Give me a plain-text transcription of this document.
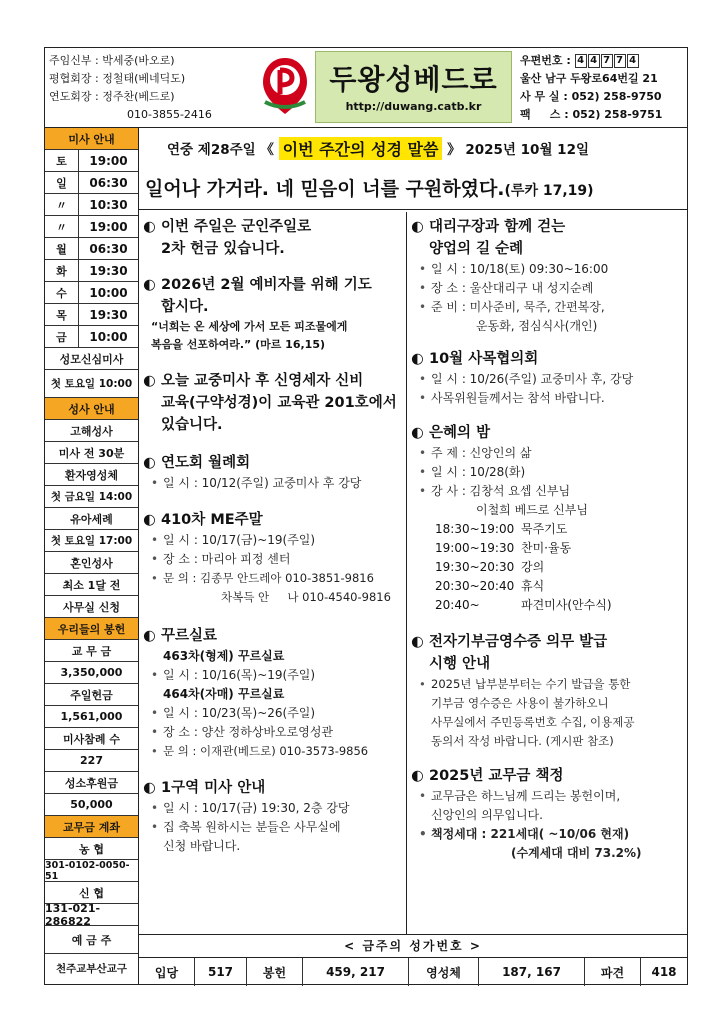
주임신부 : 박세중(바오로)
평협회장 : 정철태(베네딕도)
연도회장 : 정주찬(베드로)
010-3855-2416
두왕성베드로
http://duwang.catb.kr
우편번호 : 4 4 7 7 4
울산 남구 두왕로64번길 21
사 무 실 : 052) 258-9750
팩     스 : 052) 258-9751
미사 안내
토	19:00
일	06:30
〃	10:30
〃	19:00
월	06:30
화	19:30
수	10:00
목	19:30
금	10:00
성모신심미사
첫 토요일 10:00
성사 안내
고해성사
미사 전 30분
환자영성체
첫 금요일 14:00
유아세례
첫 토요일 17:00
혼인성사
최소 1달 전
사무실 신청
우리들의 봉헌
교 무 금
3,350,000
주일헌금
1,561,000
미사참례 수
227
성소후원금
50,000
교무금 계좌
농 협
301-0102-0050-51
신 협
131-021-286822
예 금 주
천주교부산교구
연중 제28주일
《
이번 주간의 성경 말씀
》
2025년 10월 12일
일어나 가거라. 네 믿음이 너를 구원하였다.(루카 17,19)
◐ 이번 주일은 군인주일로
2차 헌금 있습니다.
◐ 2026년 2월 예비자를 위해 기도
합시다.
“너희는 온 세상에 가서 모든 피조물에게
복음을 선포하여라.” (마르 16,15)
◐ 오늘 교중미사 후 신영세자 신비
교육(구약성경)이 교육관 201호에서
있습니다.
◐ 연도회 월례회
• 일 시 : 10/12(주일) 교중미사 후 강당
◐ 410차 ME주말
• 일 시 : 10/17(금)~19(주일)
• 장 소 : 마리아 피정 센터
• 문 의 : 김종무 안드레아 010-3851-9816
차복득 안     나 010-4540-9816
◐ 꾸르실료
463차(형제) 꾸르실료
• 일 시 : 10/16(목)~19(주일)
464차(자매) 꾸르실료
• 일 시 : 10/23(목)~26(주일)
• 장 소 : 양산 정하상바오로영성관
• 문 의 : 이재관(베드로) 010-3573-9856
◐ 1구역 미사 안내
• 일 시 : 10/17(금) 19:30, 2층 강당
• 집 축복 원하시는 분들은 사무실에
신청 바랍니다.
◐ 대리구장과 함께 걷는
양업의 길 순례
• 일 시 : 10/18(토) 09:30~16:00
• 장 소 : 울산대리구 내 성지순례
• 준 비 : 미사준비, 묵주, 간편복장,
운동화, 점심식사(개인)
◐ 10월 사목협의회
• 일 시 : 10/26(주일) 교중미사 후, 강당
• 사목위원들께서는 참석 바랍니다.
◐ 은혜의 밤
• 주 제 : 신앙인의 삶
• 일 시 : 10/28(화)
• 강 사 : 김창석 요셉 신부님
이철희 베드로 신부님
18:30~19:00 묵주기도
19:00~19:30 찬미·율동
19:30~20:30 강의
20:30~20:40 휴식
20:40~	파견미사(안수식)
◐ 전자기부금영수증 의무 발급
시행 안내
• 2025년 납부분부터는 수기 발급을 통한
기부금 영수증은 사용이 불가하오니
사무실에서 주민등록번호 수집, 이용제공
동의서 작성 바랍니다. (게시판 참조)
◐ 2025년 교무금 책정
• 교무금은 하느님께 드리는 봉헌이며,
신앙인의 의무입니다.
• 책정세대 : 221세대( ~10/06 현재)
(수계세대 대비 73.2%)
< 금주의 성가번호 >
입당	517	봉헌	459, 217	영성체	187, 167	파견	418
